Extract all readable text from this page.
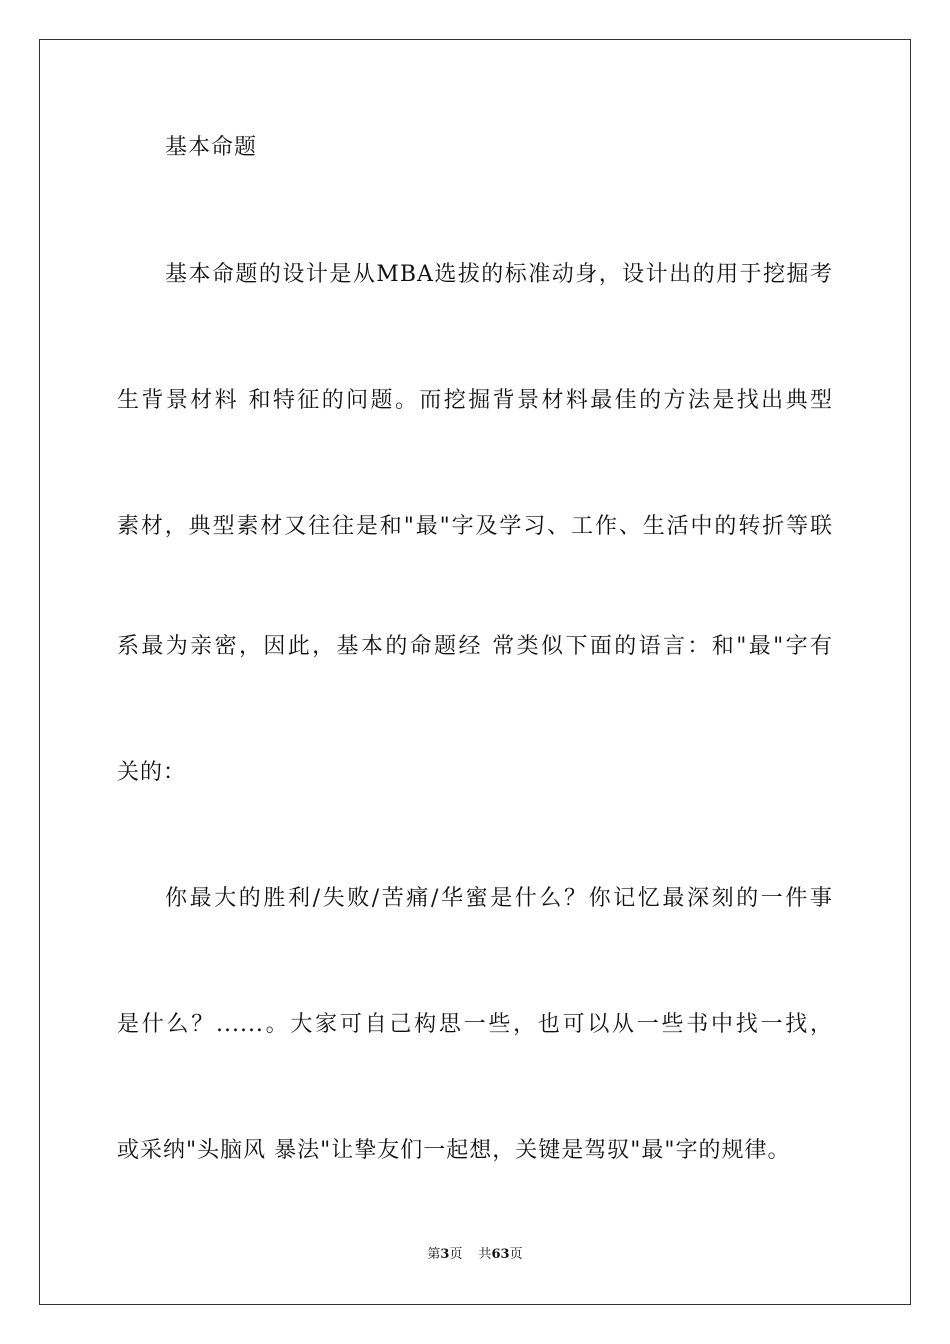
基本命题
基本命题的设计是从MBA选拔的标准动身，设计出的用于挖掘考
生背景材料 和特征的问题。而挖掘背景材料最佳的方法是找出典型
素材，典型素材又往往是和"最"字及学习、工作、生活中的转折等联
系最为亲密，因此，基本的命题经 常类似下面的语言：和"最"字有
关的：
你最大的胜利/失败/苦痛/华蜜是什么？你记忆最深刻的一件事
是什么？......。大家可自己构思一些，也可以从一些书中找一找，
或采纳"头脑风 暴法"让挚友们一起想，关键是驾驭"最"字的规律。
第3页 共63页
